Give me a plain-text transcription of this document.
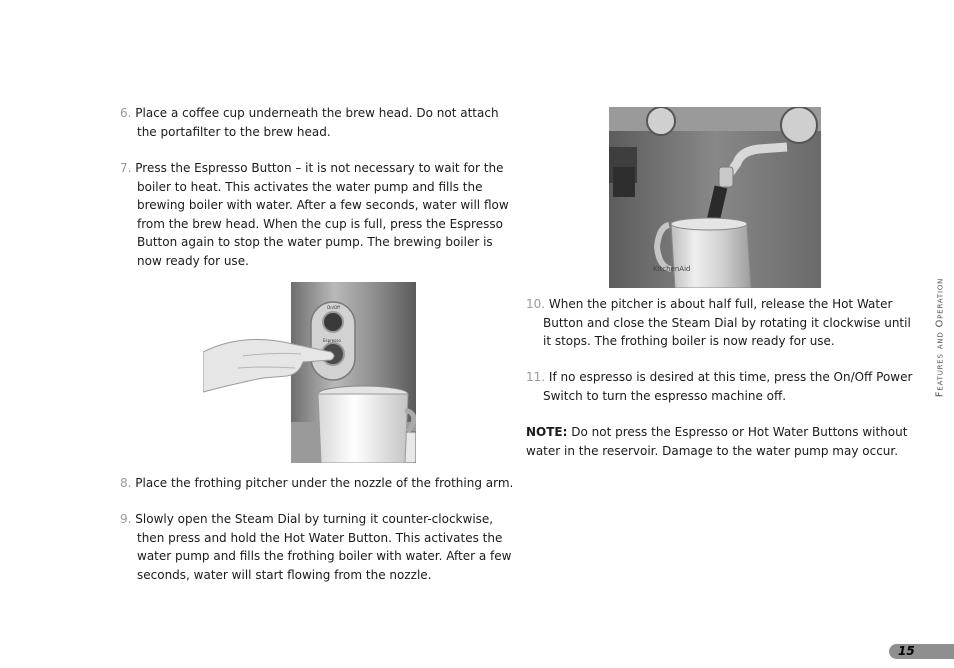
6. Place a coffee cup underneath the brew head. Do not attach
the portafilter to the brew head.
7. Press the Espresso Button – it is not necessary to wait for the
boiler to heat. This activates the water pump and fills the
brewing boiler with water. After a few seconds, water will flow
from the brew head. When the cup is full, press the Espresso
Button again to stop the water pump. The brewing boiler is
now ready for use.
On/Off
Espresso
8. Place the frothing pitcher under the nozzle of the frothing arm.
9. Slowly open the Steam Dial by turning it counter-clockwise,
then press and hold the Hot Water Button. This activates the
water pump and fills the frothing boiler with water. After a few
seconds, water will start flowing from the nozzle.
KitchenAid
10. When the pitcher is about half full, release the Hot Water
Button and close the Steam Dial by rotating it clockwise until
it stops. The frothing boiler is now ready for use.
11. If no espresso is desired at this time, press the On/Off Power
Switch to turn the espresso machine off.
NOTE: Do not press the Espresso or Hot Water Buttons without
water in the reservoir. Damage to the water pump may occur.
Features and Operation
15
